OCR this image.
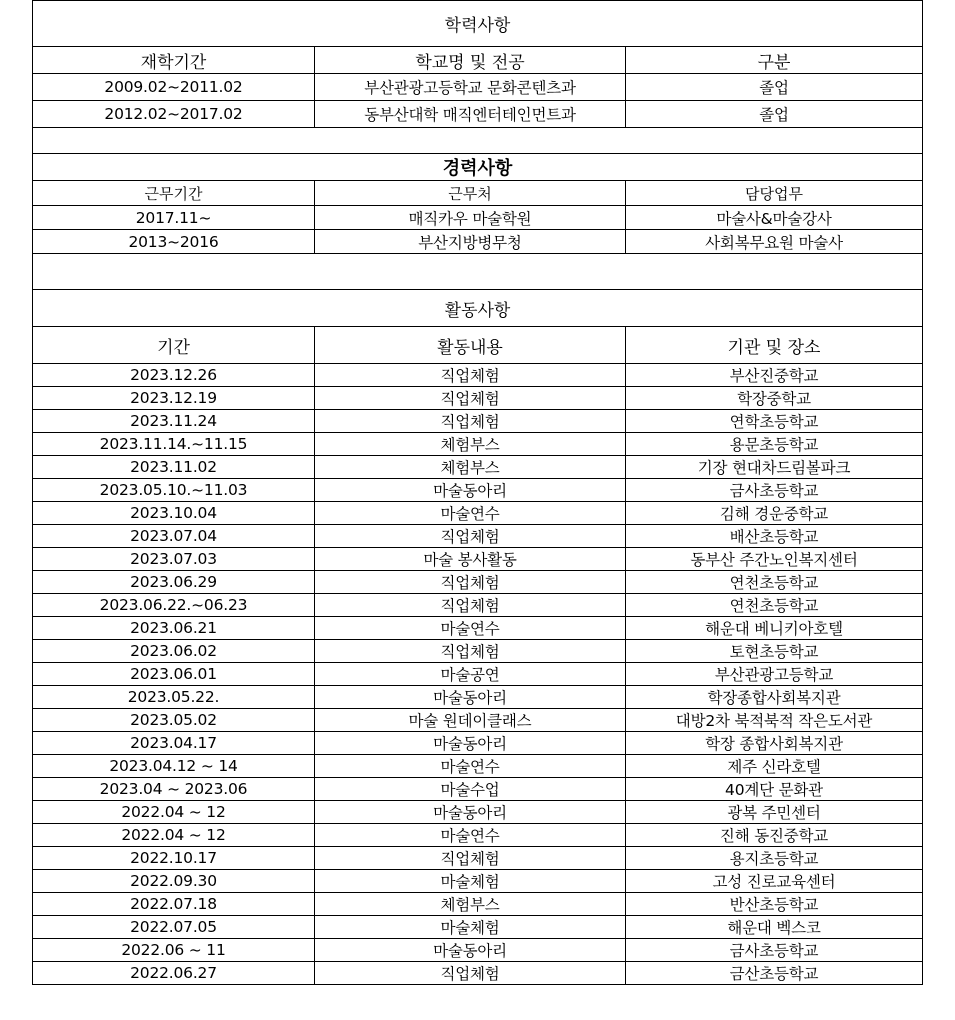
학력사항		
재학기간	학교명 및 전공	구분
2009.02~2011.02	부산관광고등학교 문화콘텐츠과	졸업
2012.02~2017.02	동부산대학 매직엔터테인먼트과	졸업

경력사항		
근무기간	근무처	담당업무
2017.11~	매직카우 마술학원	마술사&마술강사
2013~2016	부산지방병무청	사회복무요원 마술사

활동사항		
기간	활동내용	기관 및 장소
2023.12.26	직업체험	부산진중학교
2023.12.19	직업체험	학장중학교
2023.11.24	직업체험	연학초등학교
2023.11.14.~11.15	체험부스	용문초등학교
2023.11.02	체험부스	기장 현대차드림볼파크
2023.05.10.~11.03	마술동아리	금사초등학교
2023.10.04	마술연수	김해 경운중학교
2023.07.04	직업체험	배산초등학교
2023.07.03	마술 봉사활동	동부산 주간노인복지센터
2023.06.29	직업체험	연천초등학교
2023.06.22.~06.23	직업체험	연천초등학교
2023.06.21	마술연수	해운대 베니키아호텔
2023.06.02	직업체험	토현초등학교
2023.06.01	마술공연	부산관광고등학교
2023.05.22.	마술동아리	학장종합사회복지관
2023.05.02	마술 원데이클래스	대방2차 북적북적 작은도서관
2023.04.17	마술동아리	학장 종합사회복지관
2023.04.12 ~ 14	마술연수	제주 신라호텔
2023.04 ~ 2023.06	마술수업	40계단 문화관
2022.04 ~ 12	마술동아리	광복 주민센터
2022.04 ~ 12	마술연수	진해 동진중학교
2022.10.17	직업체험	용지초등학교
2022.09.30	마술체험	고성 진로교육센터
2022.07.18	체험부스	반산초등학교
2022.07.05	마술체험	해운대 벡스코
2022.06 ~ 11	마술동아리	금사초등학교
2022.06.27	직업체험	금산초등학교
